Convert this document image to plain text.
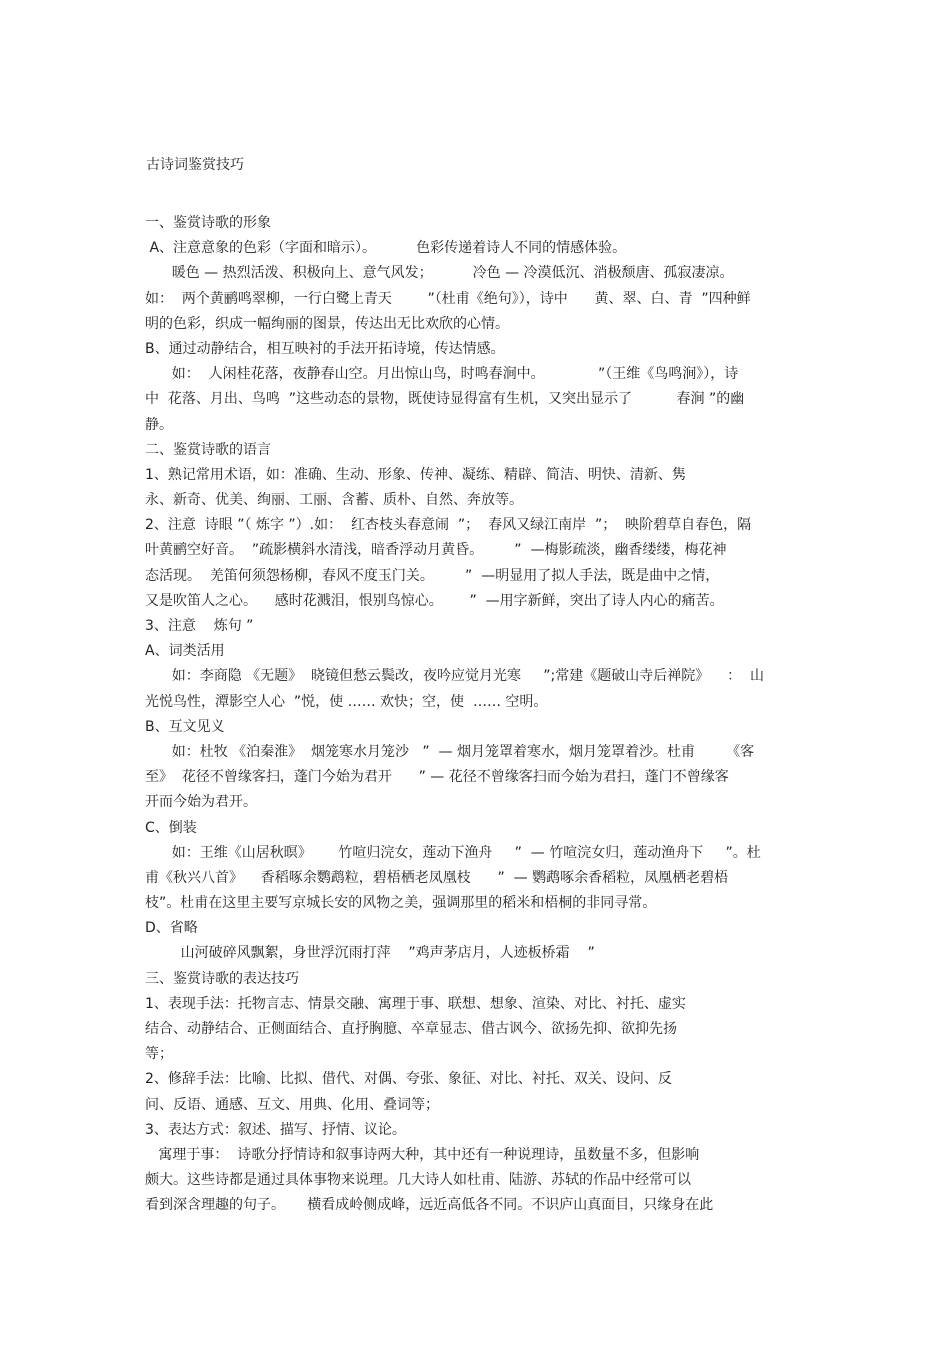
古诗词鉴赏技巧
一、鉴赏诗歌的形象
A、注意意象的色彩（字面和暗示）。         色彩传递着诗人不同的情感体验。
暖色 — 热烈活泼、积极向上、意气风发；         冷色 — 冷漠低沉、消极颓唐、孤寂凄凉。
如：  两个黄鹂鸣翠柳，一行白鹭上青天        ”（杜甫《绝句》），诗中      黄、翠、白、青  ”四种鲜
明的色彩，织成一幅绚丽的图景，传达出无比欢欣的心情。
B、通过动静结合，相互映衬的手法开拓诗境，传达情感。
如：  人闲桂花落，夜静春山空。月出惊山鸟，时鸣春涧中。            ”（王维《鸟鸣涧》），诗
中  花落、月出、鸟鸣  ”这些动态的景物，既使诗显得富有生机，又突出显示了          春涧 ”的幽
静。
二、鉴赏诗歌的语言
1、熟记常用术语，如：准确、生动、形象、传神、凝练、精辟、简洁、明快、清新、隽
永、新奇、优美、绚丽、工丽、含蓄、质朴、自然、奔放等。
2、注意  诗眼 ”（ 炼字 ”）.如：  红杏枝头春意闹  ”；  春风又绿江南岸  ”；  映阶碧草自春色，隔
叶黄鹂空好音。  ”疏影横斜水清浅，暗香浮动月黄昏。       ”  —梅影疏淡，幽香缕缕，梅花神
态活现。  羌笛何须怨杨柳，春风不度玉门关。       ”  —明显用了拟人手法，既是曲中之情，
又是吹笛人之心。    感时花溅泪，恨别鸟惊心。      ”  —用字新鲜，突出了诗人内心的痛苦。
3、注意    炼句 ”
A、词类活用
如：李商隐 《无题》  晓镜但愁云鬓改，夜吟应觉月光寒     ”;常建《题破山寺后禅院》    ：  山
光悦鸟性，潭影空人心  ”悦，使 …… 欢快；空，使  …… 空明。
B、互文见义
如：杜牧 《泊秦淮》  烟笼寒水月笼沙   ”  — 烟月笼罩着寒水，烟月笼罩着沙。杜甫       《客
至》  花径不曾缘客扫，蓬门今始为君开      ” — 花径不曾缘客扫而今始为君扫，蓬门不曾缘客
开而今始为君开。
C、倒装
如：王维《山居秋暝》      竹喧归浣女，莲动下渔舟     ”  — 竹喧浣女归，莲动渔舟下     ”。杜
甫《秋兴八首》    香稻啄余鹦鹉粒，碧梧栖老凤凰枝      ”  — 鹦鹉啄余香稻粒，凤凰栖老碧梧
枝”。杜甫在这里主要写京城长安的风物之美，强调那里的稻米和梧桐的非同寻常。
D、省略
山河破碎风飘絮，身世浮沉雨打萍    ”鸡声茅店月，人迹板桥霜    ”
三、鉴赏诗歌的表达技巧
1、表现手法：托物言志、情景交融、寓理于事、联想、想象、渲染、对比、衬托、虚实
结合、动静结合、正侧面结合、直抒胸臆、卒章显志、借古讽今、欲扬先抑、欲抑先扬
等；
2、修辞手法：比喻、比拟、借代、对偶、夸张、象征、对比、衬托、双关、设问、反
问、反语、通感、互文、用典、化用、叠词等；
3、表达方式：叙述、描写、抒情、议论。
寓理于事：  诗歌分抒情诗和叙事诗两大种，其中还有一种说理诗，虽数量不多，但影响
颇大。这些诗都是通过具体事物来说理。几大诗人如杜甫、陆游、苏轼的作品中经常可以
看到深含理趣的句子。     横看成岭侧成峰，远近高低各不同。不识庐山真面目，只缘身在此
